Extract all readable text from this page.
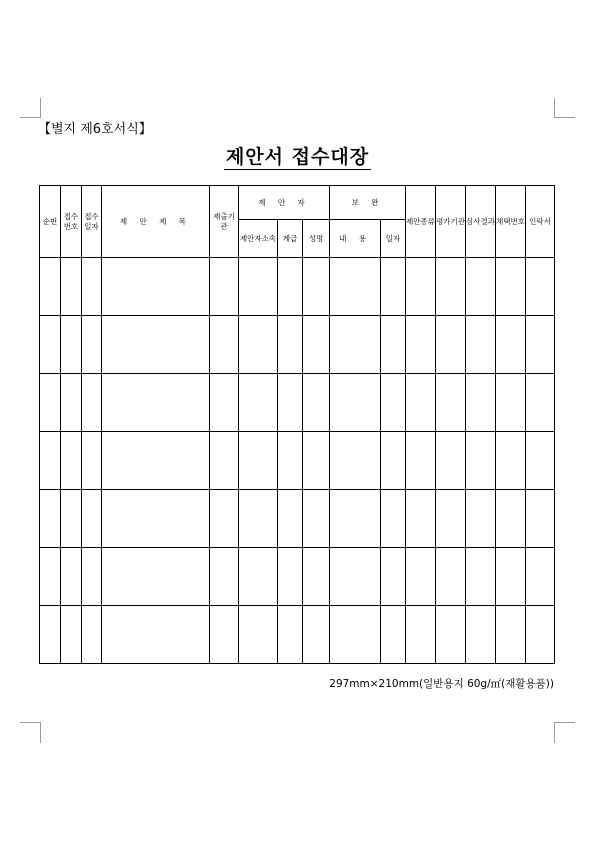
【별지 제6호서식】
제안서 접수대장
순번	접수 번호	접수 일자	제 안 제 목	제출기관	제 안 자			보 완		제안종류	평가기관	심사결과	채택번호	인락서
					제안자소속	계급	성명	내 용	일자					

297mm×210mm(일반용지 60g/㎡(재활용품))
